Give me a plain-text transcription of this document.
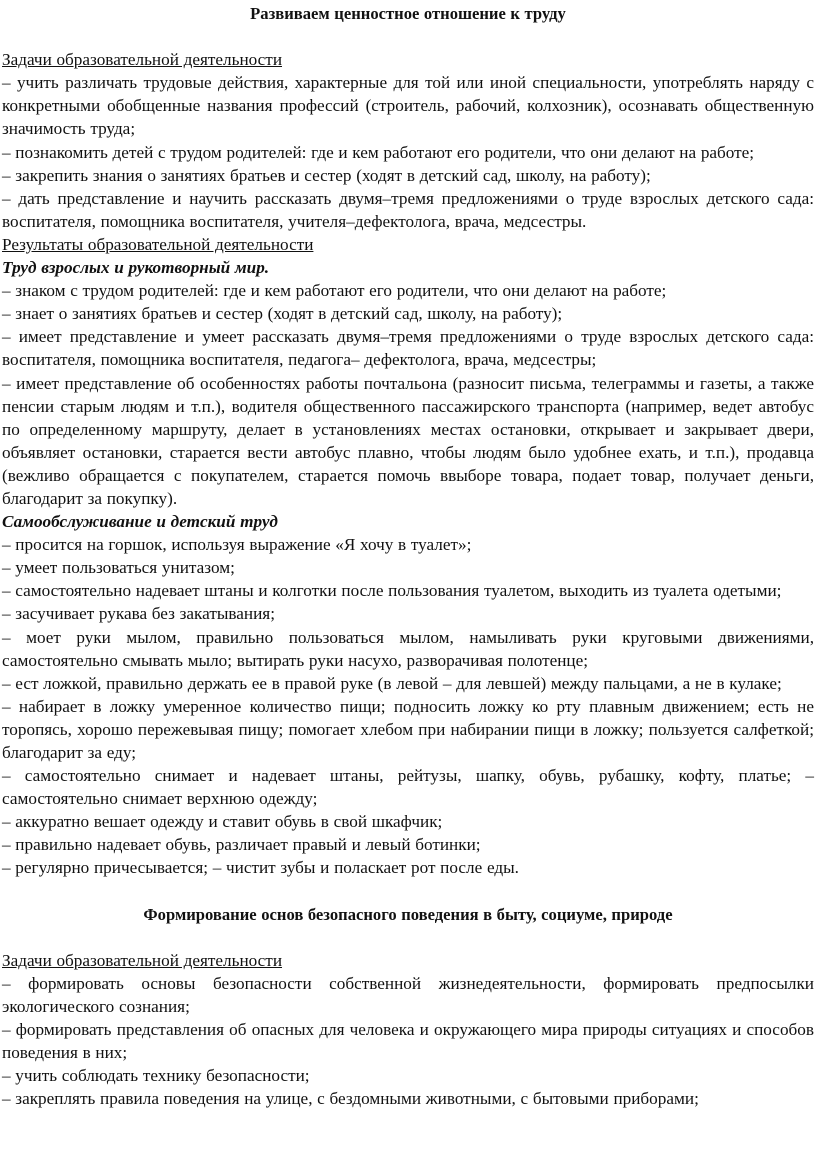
Развиваем ценностное отношение к труду

Задачи образовательной деятельности

– учить различать трудовые действия, характерные для той или иной специальности, употреблять наряду с конкретными обобщенные названия профессий (строитель, рабочий, колхозник), осознавать общественную значимость труда;

– познакомить детей с трудом родителей: где и кем работают его родители, что они делают на работе;

– закрепить знания о занятиях братьев и сестер (ходят в детский сад, школу, на работу);

– дать представление и научить рассказать двумя–тремя предложениями о труде взрослых детского сада: воспитателя, помощника воспитателя, учителя–дефектолога, врача, медсестры.

Результаты образовательной деятельности

Труд взрослых и рукотворный мир.

– знаком с трудом родителей: где и кем работают его родители, что они делают на работе;

– знает о занятиях братьев и сестер (ходят в детский сад, школу, на работу);

– имеет представление и умеет рассказать двумя–тремя предложениями о труде взрослых детского сада: воспитателя, помощника воспитателя, педагога– дефектолога, врача, медсестры;

– имеет представление об особенностях работы почтальона (разносит письма, телеграммы и газеты, а также пенсии старым людям и т.п.), водителя общественного пассажирского транспорта (например, ведет автобус по определенному маршруту, делает в установлениях местах остановки, открывает и закрывает двери, объявляет остановки, старается вести автобус плавно, чтобы людям было удобнее ехать, и т.п.), продавца (вежливо обращается с покупателем, старается помочь ввыборе товара, подает товар, получает деньги, благодарит за покупку).

Самообслуживание и детский труд

– просится на горшок, используя выражение «Я хочу в туалет»;

– умеет пользоваться унитазом;

– самостоятельно надевает штаны и колготки после пользования туалетом, выходить из туалета одетыми;

– засучивает рукава без закатывания;

– моет руки мылом, правильно пользоваться мылом, намыливать руки круговыми движениями, самостоятельно смывать мыло; вытирать руки насухо, разворачивая полотенце;

– ест ложкой, правильно держать ее в правой руке (в левой – для левшей) между пальцами, а не в кулаке;

– набирает в ложку умеренное количество пищи; подносить ложку ко рту плавным движением; есть не торопясь, хорошо пережевывая пищу; помогает хлебом при набирании пищи в ложку; пользуется салфеткой; благодарит за еду;

– самостоятельно снимает и надевает штаны, рейтузы, шапку, обувь, рубашку, кофту, платье; – самостоятельно снимает верхнюю одежду;

– аккуратно вешает одежду и ставит обувь в свой шкафчик;

– правильно надевает обувь, различает правый и левый ботинки;

– регулярно причесывается; – чистит зубы и поласкает рот после еды.

Формирование основ безопасного поведения в быту, социуме, природе

Задачи образовательной деятельности

– формировать основы безопасности собственной жизнедеятельности, формировать предпосылки экологического сознания;

– формировать представления об опасных для человека и окружающего мира природы ситуациях и способов поведения в них;

– учить соблюдать технику безопасности;

– закреплять правила поведения на улице, с бездомными животными, с бытовыми приборами;
